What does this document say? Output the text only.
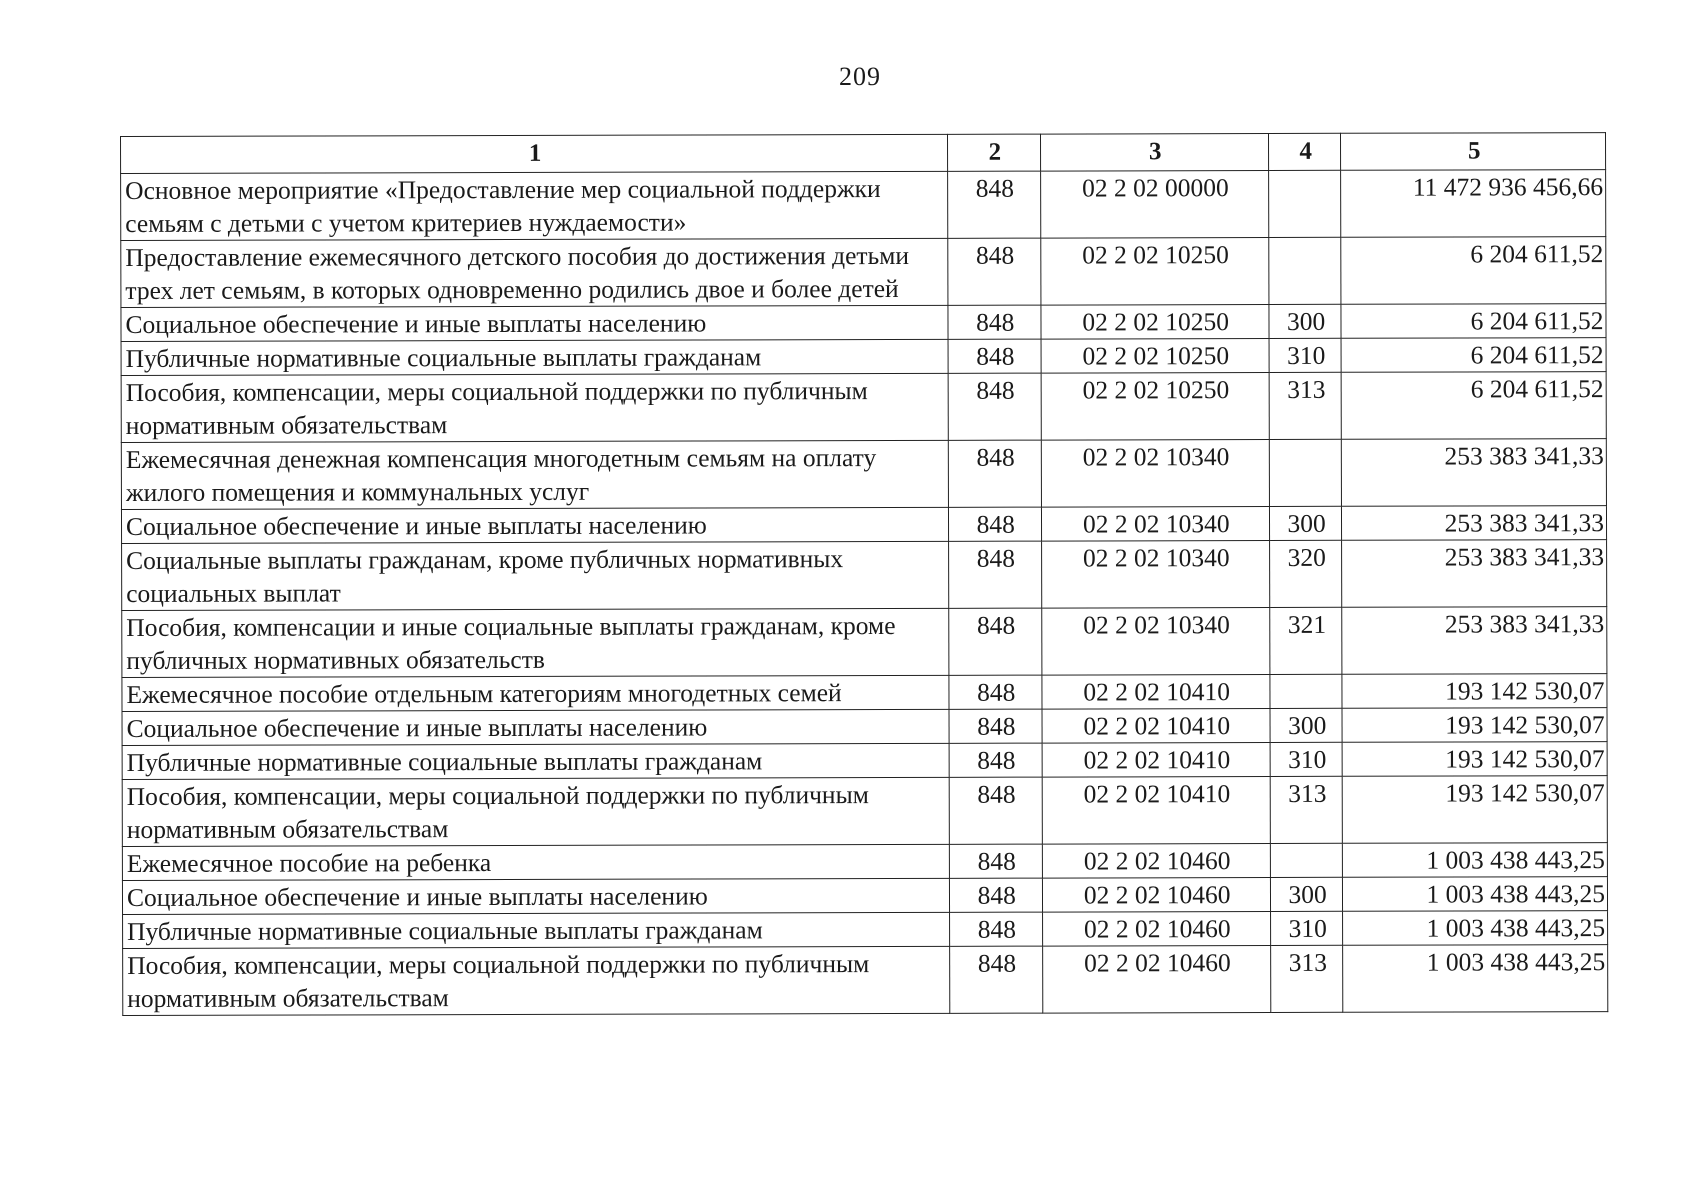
209
1	2	3	4	5
Основное мероприятие «Предоставление мер социальной поддержки семьям с детьми с учетом критериев нуждаемости»	848	02 2 02 00000		11 472 936 456,66
Предоставление ежемесячного детского пособия до достижения детьми трех лет семьям, в которых одновременно родились двое и более детей	848	02 2 02 10250		6 204 611,52
Социальное обеспечение и иные выплаты населению	848	02 2 02 10250	300	6 204 611,52
Публичные нормативные социальные выплаты гражданам	848	02 2 02 10250	310	6 204 611,52
Пособия, компенсации, меры социальной поддержки по публичным нормативным обязательствам	848	02 2 02 10250	313	6 204 611,52
Ежемесячная денежная компенсация многодетным семьям на оплату жилого помещения и коммунальных услуг	848	02 2 02 10340		253 383 341,33
Социальное обеспечение и иные выплаты населению	848	02 2 02 10340	300	253 383 341,33
Социальные выплаты гражданам, кроме публичных нормативных социальных выплат	848	02 2 02 10340	320	253 383 341,33
Пособия, компенсации и иные социальные выплаты гражданам, кроме публичных нормативных обязательств	848	02 2 02 10340	321	253 383 341,33
Ежемесячное пособие отдельным категориям многодетных семей	848	02 2 02 10410		193 142 530,07
Социальное обеспечение и иные выплаты населению	848	02 2 02 10410	300	193 142 530,07
Публичные нормативные социальные выплаты гражданам	848	02 2 02 10410	310	193 142 530,07
Пособия, компенсации, меры социальной поддержки по публичным нормативным обязательствам	848	02 2 02 10410	313	193 142 530,07
Ежемесячное пособие на ребенка	848	02 2 02 10460		1 003 438 443,25
Социальное обеспечение и иные выплаты населению	848	02 2 02 10460	300	1 003 438 443,25
Публичные нормативные социальные выплаты гражданам	848	02 2 02 10460	310	1 003 438 443,25
Пособия, компенсации, меры социальной поддержки по публичным нормативным обязательствам	848	02 2 02 10460	313	1 003 438 443,25
